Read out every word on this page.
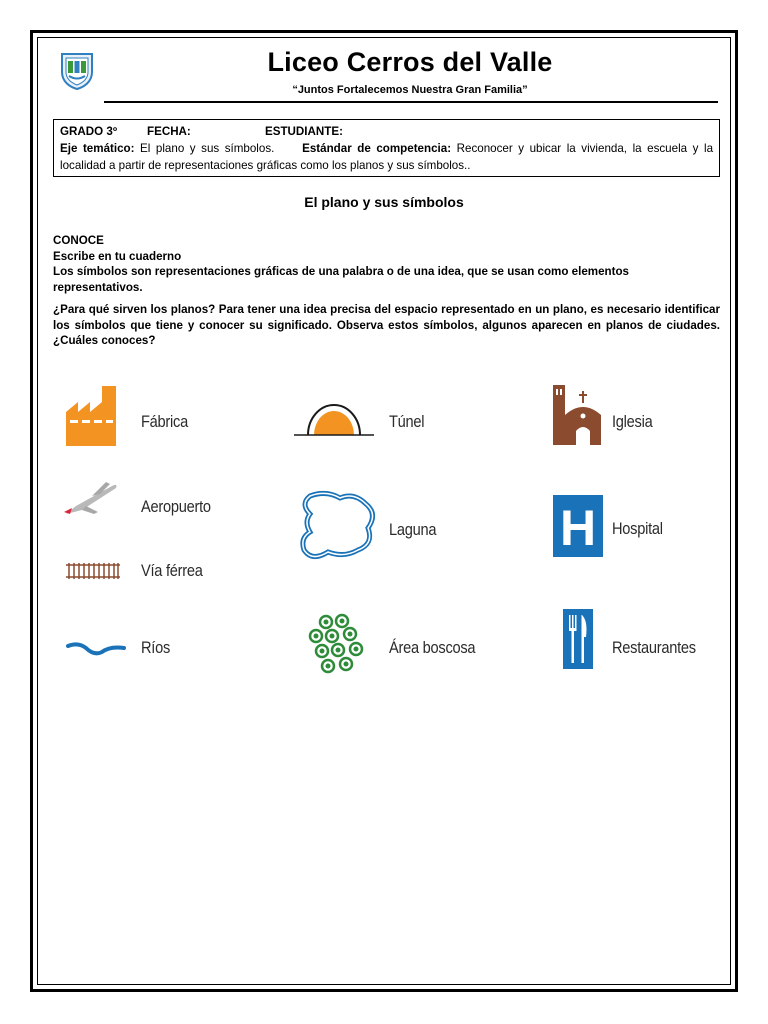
Liceo Cerros del Valle
“Juntos Fortalecemos Nuestra Gran Familia”
GRADO 3º	FECHA:	ESTUDIANTE:
Eje temático: El plano y sus símbolos. Estándar de competencia: Reconocer y ubicar la vivienda, la escuela y la
localidad a partir de representaciones gráficas como los planos y sus símbolos..
El plano y sus símbolos
CONOCE
Escribe en tu cuaderno
Los símbolos son representaciones gráficas de una palabra o de una idea, que se usan como elementos representativos.
¿Para qué sirven los planos? Para tener una idea precisa del espacio representado en un plano, es necesario identificar los símbolos que tiene y conocer su significado. Observa estos símbolos, algunos aparecen en planos de ciudades. ¿Cuáles conoces?
Fábrica	Túnel	Iglesia
Aeropuerto
Laguna H Hospital
Vía férrea
Ríos	Área boscosa	Restaurantes
